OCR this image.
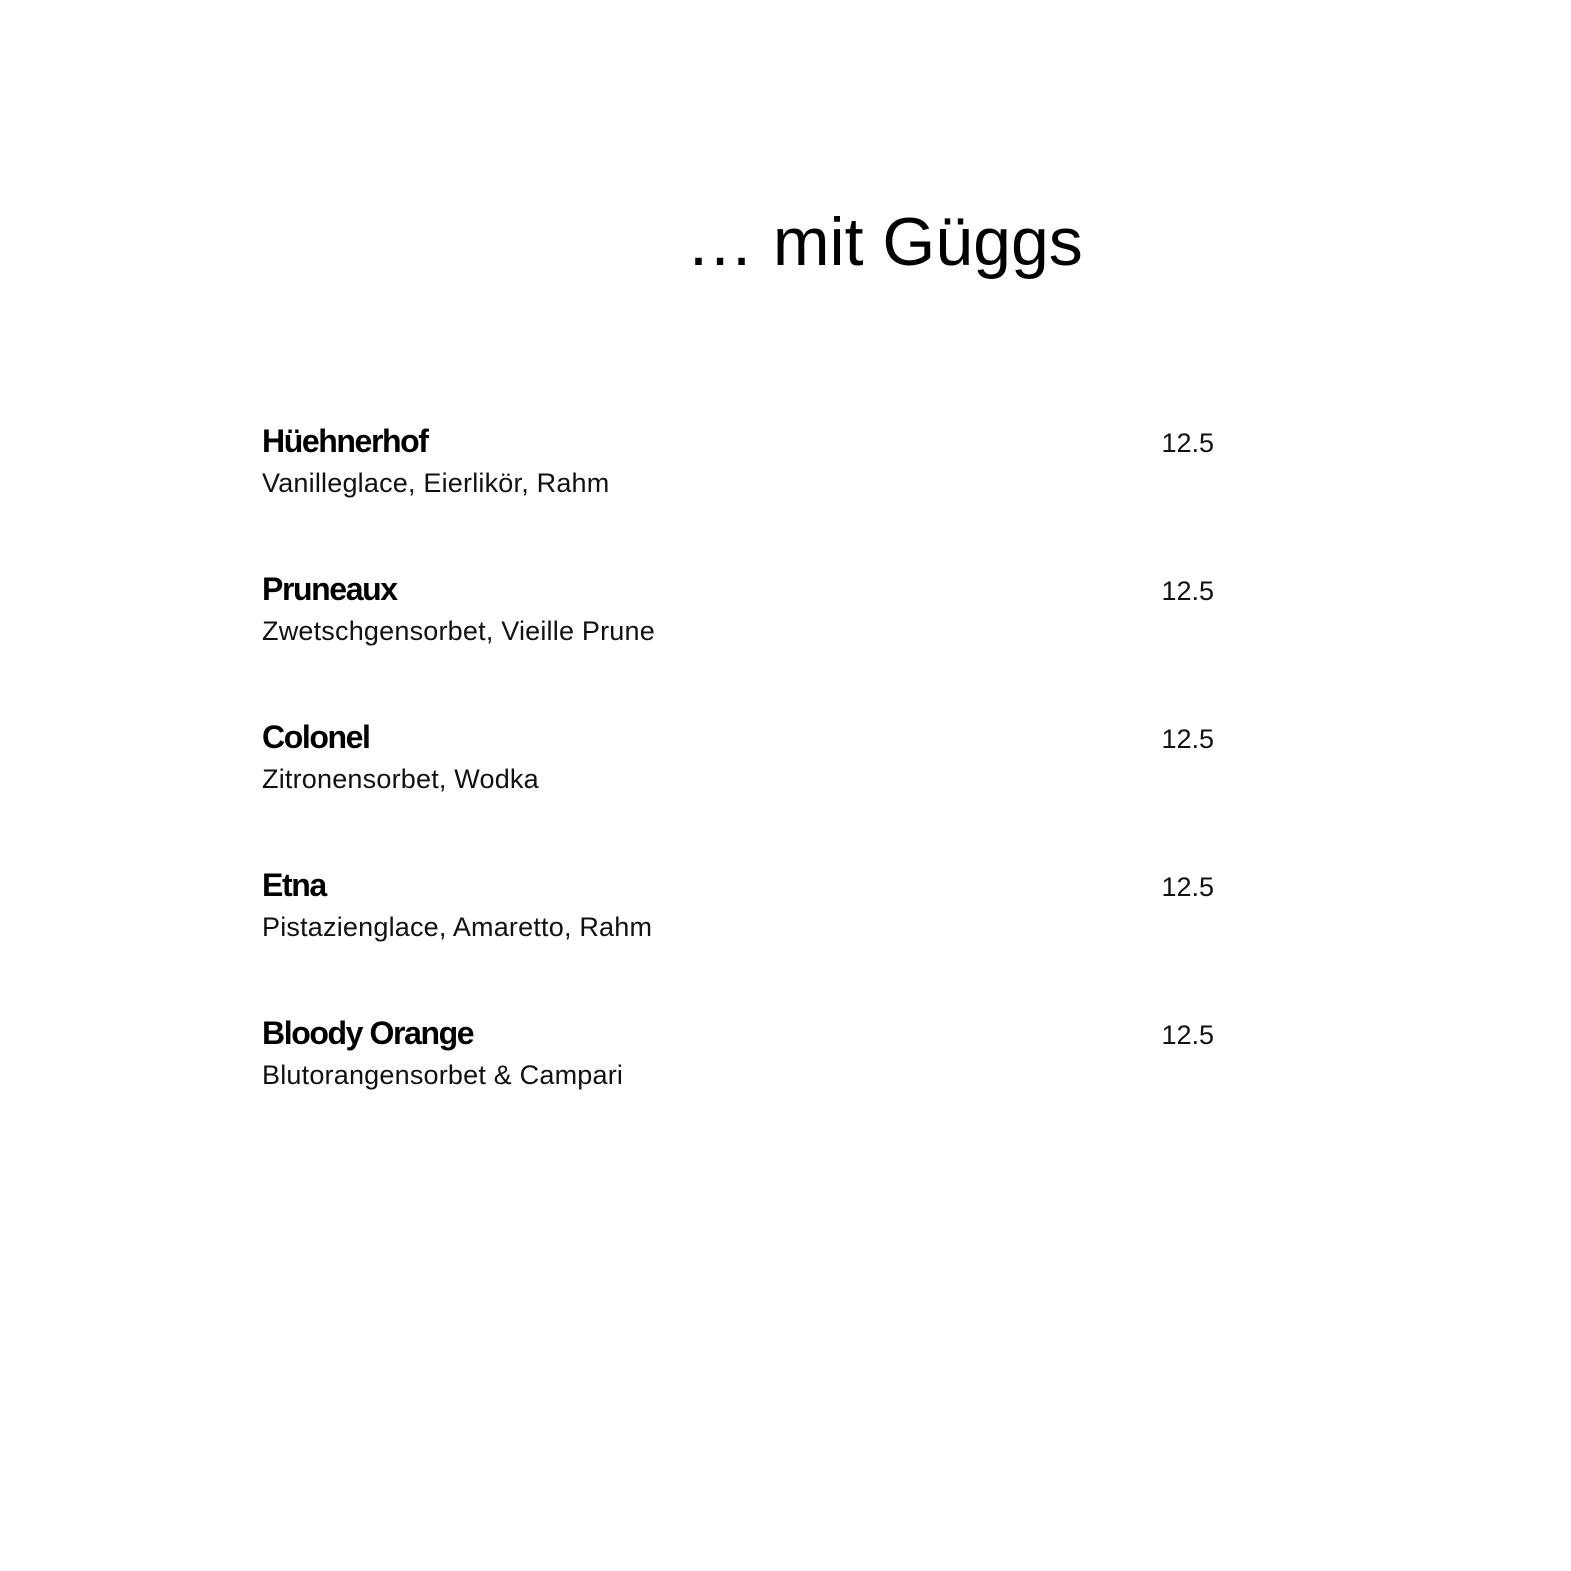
… mit Güggs
Hüehnerhof
Vanilleglace, Eierlikör, Rahm
12.5
Pruneaux
Zwetschgensorbet, Vieille Prune
12.5
Colonel
Zitronensorbet, Wodka
12.5
Etna
Pistazienglace, Amaretto, Rahm
12.5
Bloody Orange
Blutorangensorbet & Campari
12.5
